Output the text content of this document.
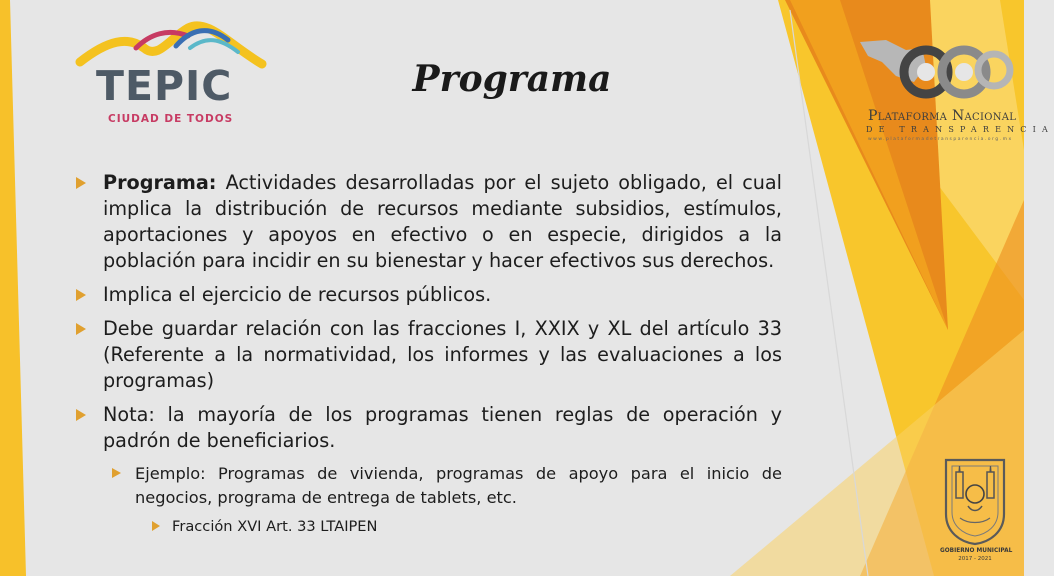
TEPIC
CIUDAD DE TODOS
Programa
Plataforma Nacional
DE TRANSPARENCIA
www.plataformadetransparencia.org.mx
GOBIERNO MUNICIPAL
2017 - 2021
Programa: Actividades desarrolladas por el sujeto obligado, el cual implica la distribución de recursos mediante subsidios, estímulos, aportaciones y apoyos en efectivo o en especie, dirigidos a la población para incidir en su bienestar y hacer efectivos sus derechos.
Implica el ejercicio de recursos públicos.
Debe guardar relación con las fracciones I, XXIX y XL del artículo 33 (Referente a la normatividad, los informes y las evaluaciones a los programas)
Nota: la mayoría de los programas tienen reglas de operación y padrón de beneficiarios.
Ejemplo: Programas de vivienda, programas de apoyo para el inicio de negocios, programa de entrega de tablets, etc.
Fracción XVI Art. 33 LTAIPEN
